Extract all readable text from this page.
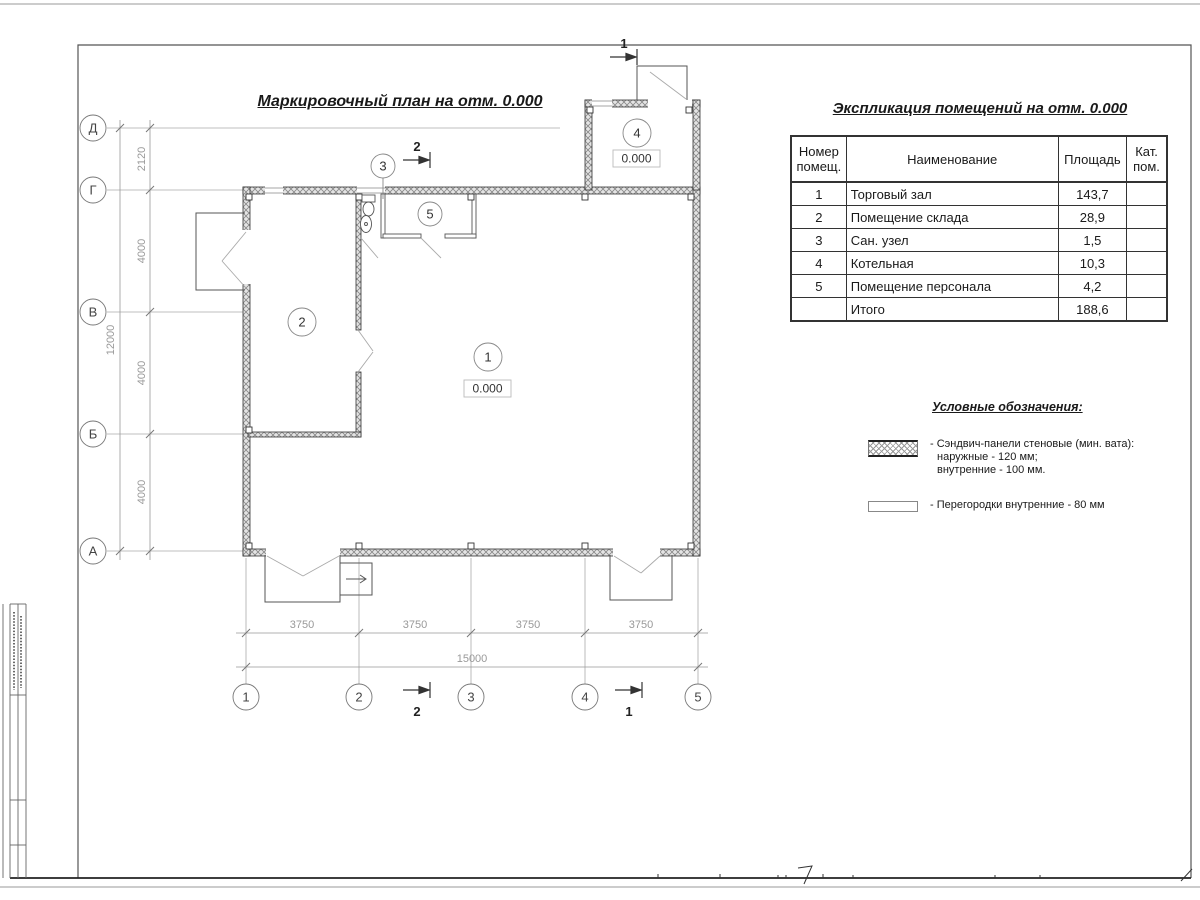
2120
4000
4000
4000
12000
3750	3750	3750	3750
15000
Д
Г
В
Б
А
1	2	3	4	5
1
2
3
4
5
0.000
0.000
1
2
2	1
Маркировочный план на отм. 0.000	Экспликация помещений на отм. 0.000
Номер
помещ.	Наименование	Площадь	Кат.
пом.

1	Торговый зал	143,7	
2	Помещение склада	28,9	
3	Сан. узел	1,5	
4	Котельная	10,3	
5	Помещение персонала	4,2	
	Итого	188,6	
Условные обозначения:
- Сэндвич-панели стеновые (мин. вата):
наружные - 120 мм;
внутренние - 100 мм.
- Перегородки внутренние - 80 мм
